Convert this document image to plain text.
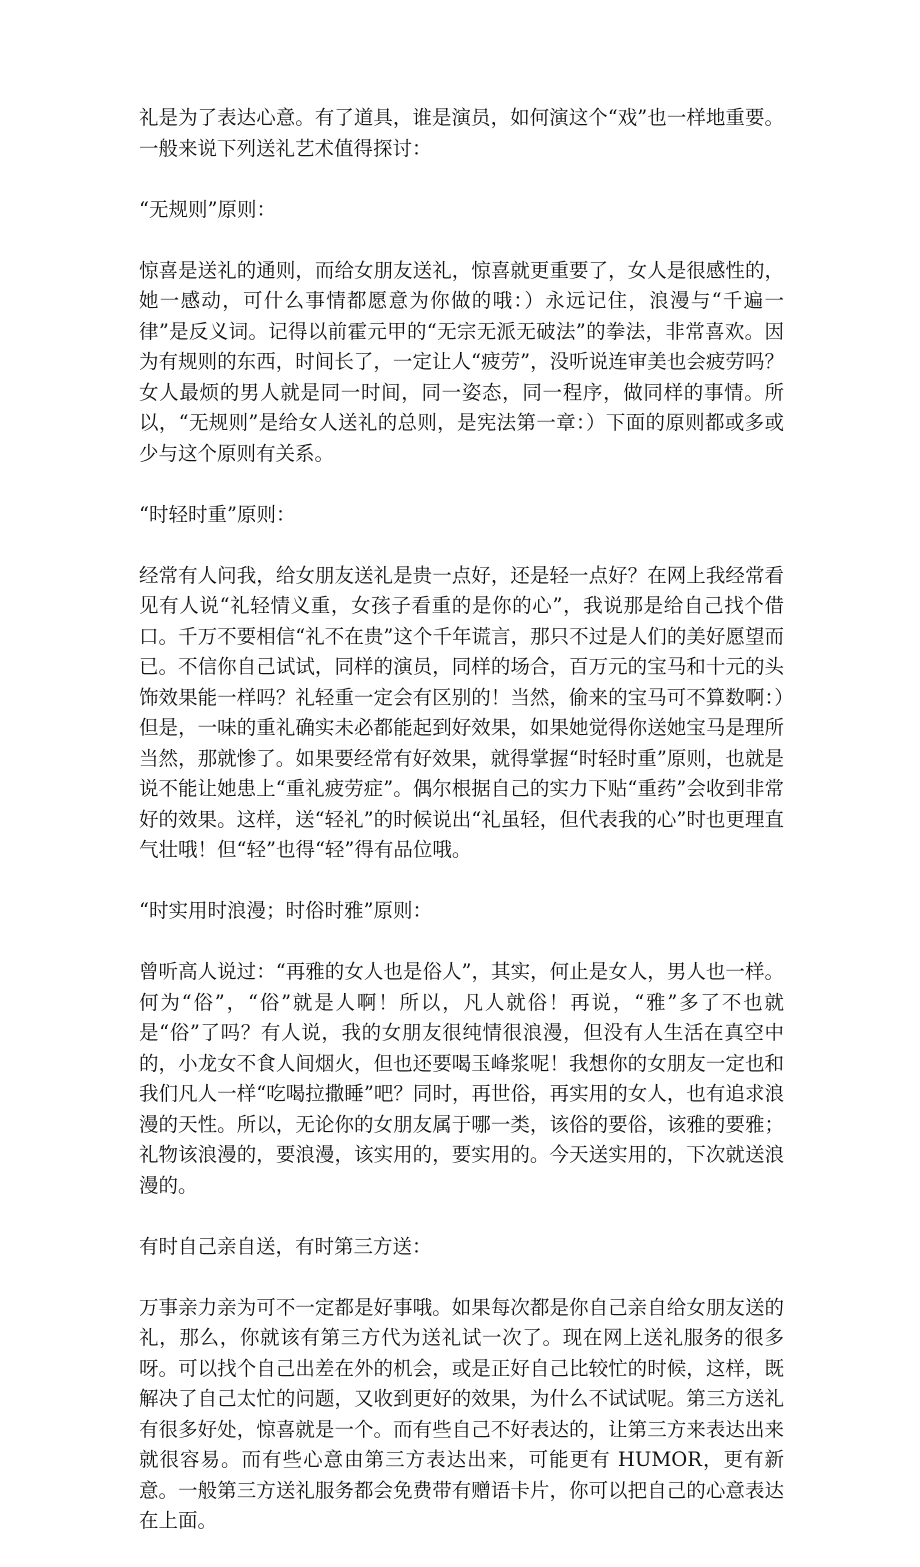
礼是为了表达心意。有了道具，谁是演员，如何演这个“戏”也一样地重要。一般来说下列送礼艺术值得探讨：

“无规则”原则：

惊喜是送礼的通则，而给女朋友送礼，惊喜就更重要了，女人是很感性的，她一感动，可什么事情都愿意为你做的哦：）永远记住，浪漫与“千遍一律”是反义词。记得以前霍元甲的“无宗无派无破法”的拳法，非常喜欢。因为有规则的东西，时间长了，一定让人“疲劳”，没听说连审美也会疲劳吗？女人最烦的男人就是同一时间，同一姿态，同一程序，做同样的事情。所以，“无规则”是给女人送礼的总则，是宪法第一章：）下面的原则都或多或少与这个原则有关系。

“时轻时重”原则：

经常有人问我，给女朋友送礼是贵一点好，还是轻一点好？在网上我经常看见有人说“礼轻情义重，女孩子看重的是你的心”，我说那是给自己找个借口。千万不要相信“礼不在贵”这个千年谎言，那只不过是人们的美好愿望而已。不信你自己试试，同样的演员，同样的场合，百万元的宝马和十元的头饰效果能一样吗？礼轻重一定会有区别的！当然，偷来的宝马可不算数啊：）但是，一味的重礼确实未必都能起到好效果，如果她觉得你送她宝马是理所当然，那就惨了。如果要经常有好效果，就得掌握“时轻时重”原则，也就是说不能让她患上“重礼疲劳症”。偶尔根据自己的实力下贴“重药”会收到非常好的效果。这样，送“轻礼”的时候说出“礼虽轻，但代表我的心”时也更理直气壮哦！但“轻”也得“轻”得有品位哦。

“时实用时浪漫；时俗时雅”原则：

曾听高人说过：“再雅的女人也是俗人”，其实，何止是女人，男人也一样。何为“俗”，“俗”就是人啊！所以，凡人就俗！再说，“雅”多了不也就是“俗”了吗？有人说，我的女朋友很纯情很浪漫，但没有人生活在真空中的，小龙女不食人间烟火，但也还要喝玉峰浆呢！我想你的女朋友一定也和我们凡人一样“吃喝拉撒睡”吧？同时，再世俗，再实用的女人，也有追求浪漫的天性。所以，无论你的女朋友属于哪一类，该俗的要俗，该雅的要雅；礼物该浪漫的，要浪漫，该实用的，要实用的。今天送实用的，下次就送浪漫的。

有时自己亲自送，有时第三方送：

万事亲力亲为可不一定都是好事哦。如果每次都是你自己亲自给女朋友送的礼，那么，你就该有第三方代为送礼试一次了。现在网上送礼服务的很多呀。可以找个自己出差在外的机会，或是正好自己比较忙的时候，这样，既解决了自己太忙的问题，又收到更好的效果，为什么不试试呢。第三方送礼有很多好处，惊喜就是一个。而有些自己不好表达的，让第三方来表达出来就很容易。而有些心意由第三方表达出来，可能更有 HUMOR，更有新意。一般第三方送礼服务都会免费带有赠语卡片，你可以把自己的心意表达在上面。
